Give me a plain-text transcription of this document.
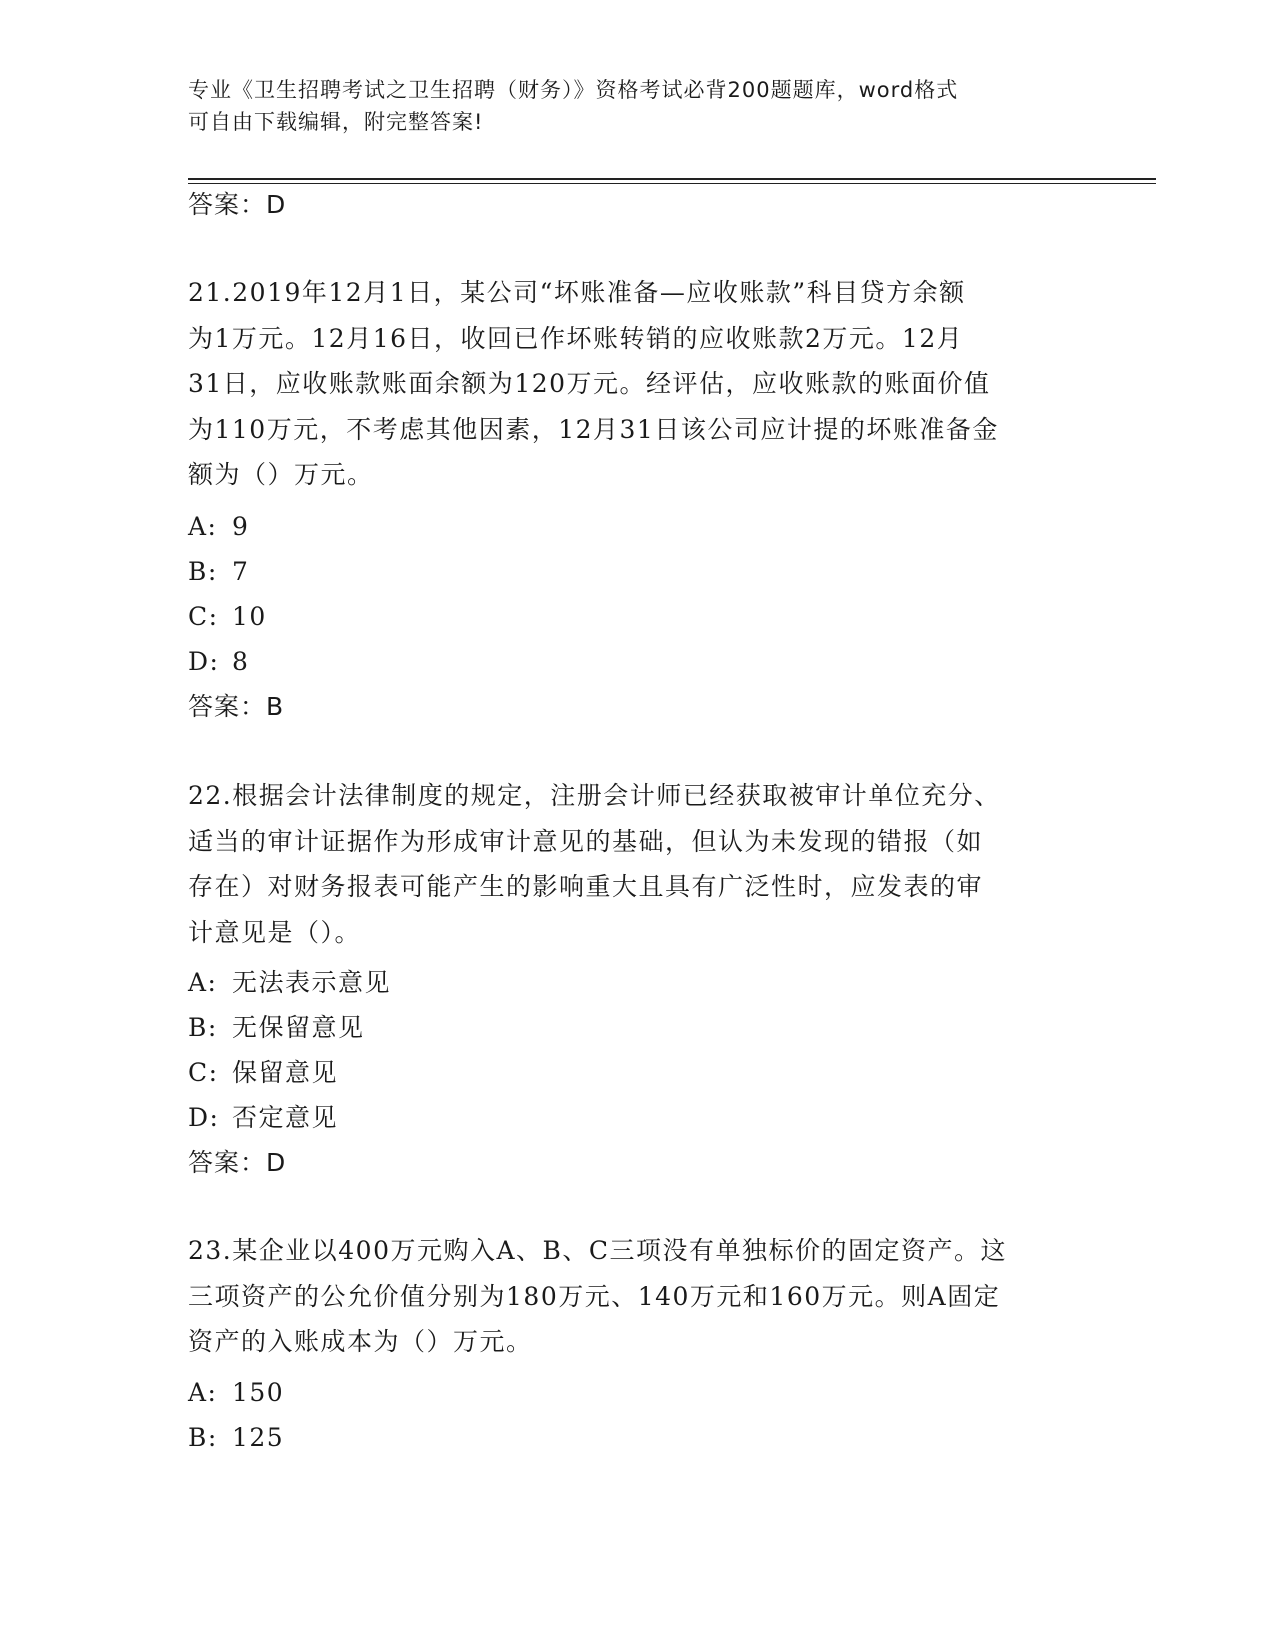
专业《卫生招聘考试之卫生招聘（财务）》资格考试必背200题题库，word格式
可自由下载编辑，附完整答案!
答案：D
21.2019年12月1日，某公司“坏账准备—应收账款”科目贷方余额
为1万元。12月16日，收回已作坏账转销的应收账款2万元。12月
31日，应收账款账面余额为120万元。经评估，应收账款的账面价值
为110万元，不考虑其他因素，12月31日该公司应计提的坏账准备金
额为（）万元。
A: 9
B: 7
C: 10
D: 8
答案：B
22.根据会计法律制度的规定，注册会计师已经获取被审计单位充分、
适当的审计证据作为形成审计意见的基础，但认为未发现的错报（如
存在）对财务报表可能产生的影响重大且具有广泛性时，应发表的审
计意见是（）。
A: 无法表示意见
B: 无保留意见
C: 保留意见
D: 否定意见
答案：D
23.某企业以400万元购入A、B、C三项没有单独标价的固定资产。这
三项资产的公允价值分别为180万元、140万元和160万元。则A固定
资产的入账成本为（）万元。
A: 150
B: 125
